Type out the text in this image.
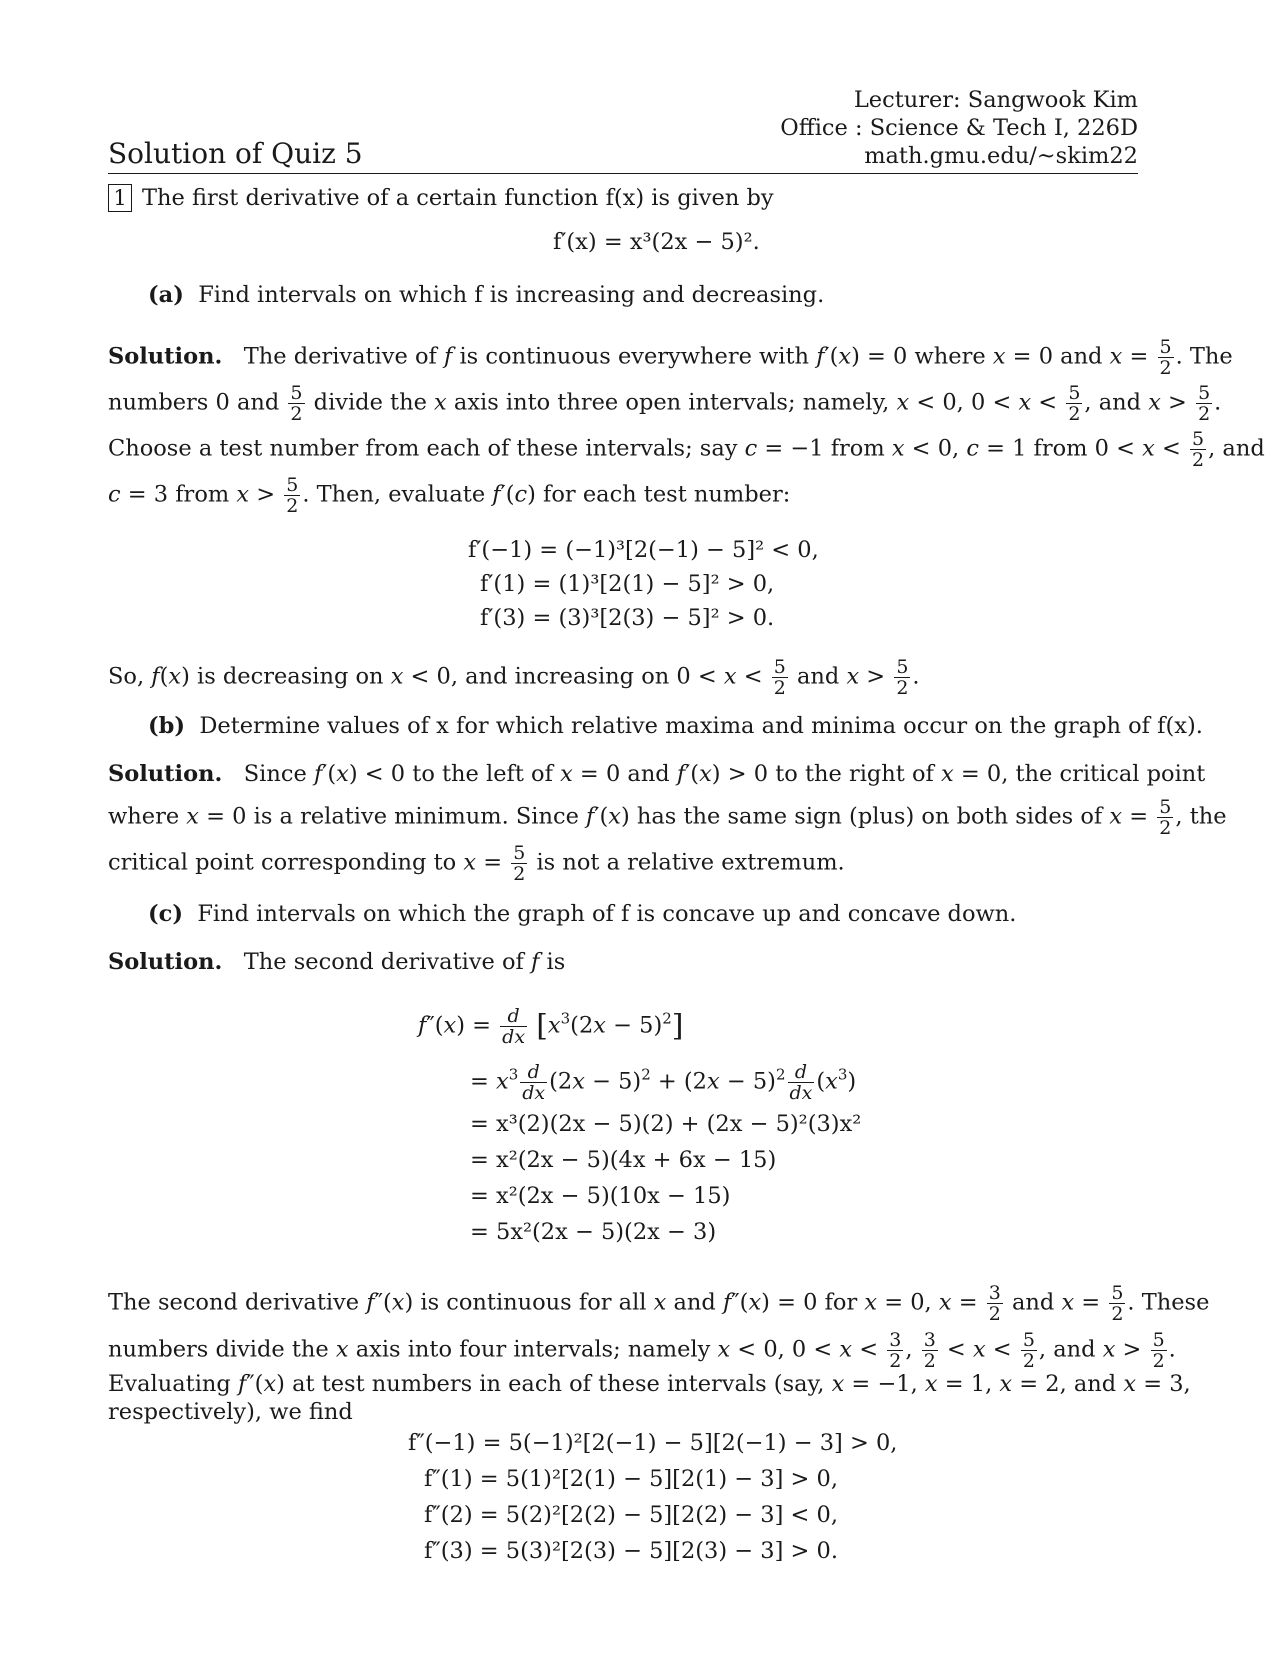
Lecturer: Sangwook Kim
Office : Science & Tech I, 226D
math.gmu.edu/~skim22
Solution of Quiz 5
1 The first derivative of a certain function f(x) is given by
f′(x) = x³(2x − 5)².
(a) Find intervals on which f is increasing and decreasing.
Solution.   The derivative of f is continuous everywhere with f′(x) = 0 where x = 0 and $x = \frac{5}{2}$ . The
numbers 0 and $\frac{5}{2}$ divide the x axis into three open intervals; namely, x < 0, $0 < x < \frac{5}{2}$ , and $x > \frac{5}{2}$ .
Choose a test number from each of these intervals; say c = −1 from x < 0, c = 1 from $0 < x < \frac{5}{2}$ , and
c = 3 from $x > \frac{5}{2}$ . Then, evaluate f′(c) for each test number:
f′(−1) = (−1)³[2(−1) − 5]² < 0,
f′(1) = (1)³[2(1) − 5]² > 0,
f′(3) = (3)³[2(3) − 5]² > 0.
So, f(x) is decreasing on x < 0, and increasing on $0 < x < \frac{5}{2}$ and $x > \frac{5}{2}$ .
(b) Determine values of x for which relative maxima and minima occur on the graph of f(x).
Solution.   Since f′(x) < 0 to the left of x = 0 and f′(x) > 0 to the right of x = 0, the critical point
where x = 0 is a relative minimum. Since f′(x) has the same sign (plus) on both sides of $x = \frac{5}{2}$ , the
critical point corresponding to $x = \frac{5}{2}$ is not a relative extremum.
(c) Find intervals on which the graph of f is concave up and concave down.
Solution.   The second derivative of f is
$f''(x) = \frac{d}{dx} [x^3(2x - 5)^2]$
= $x^3 \frac{d}{dx} (2x - 5)^2 + (2x - 5)^2 \frac{d}{dx} (x^3)$
= x³(2)(2x − 5)(2) + (2x − 5)²(3)x²
= x²(2x − 5)(4x + 6x − 15)
= x²(2x − 5)(10x − 15)
= 5x²(2x − 5)(2x − 3)
The second derivative f″(x) is continuous for all x and f″(x) = 0 for x = 0, $x = \frac{3}{2}$ and $x = \frac{5}{2}$ . These
numbers divide the x axis into four intervals; namely x < 0, $0 < x < \frac{3}{2}$ , $\frac{3}{2} < x < \frac{5}{2}$ , and $x > \frac{5}{2}$ .
Evaluating f″(x) at test numbers in each of these intervals (say, x = −1, x = 1, x = 2, and x = 3,
respectively), we find
f″(−1) = 5(−1)²[2(−1) − 5][2(−1) − 3] > 0,
f″(1) = 5(1)²[2(1) − 5][2(1) − 3] > 0,
f″(2) = 5(2)²[2(2) − 5][2(2) − 3] < 0,
f″(3) = 5(3)²[2(3) − 5][2(3) − 3] > 0.
